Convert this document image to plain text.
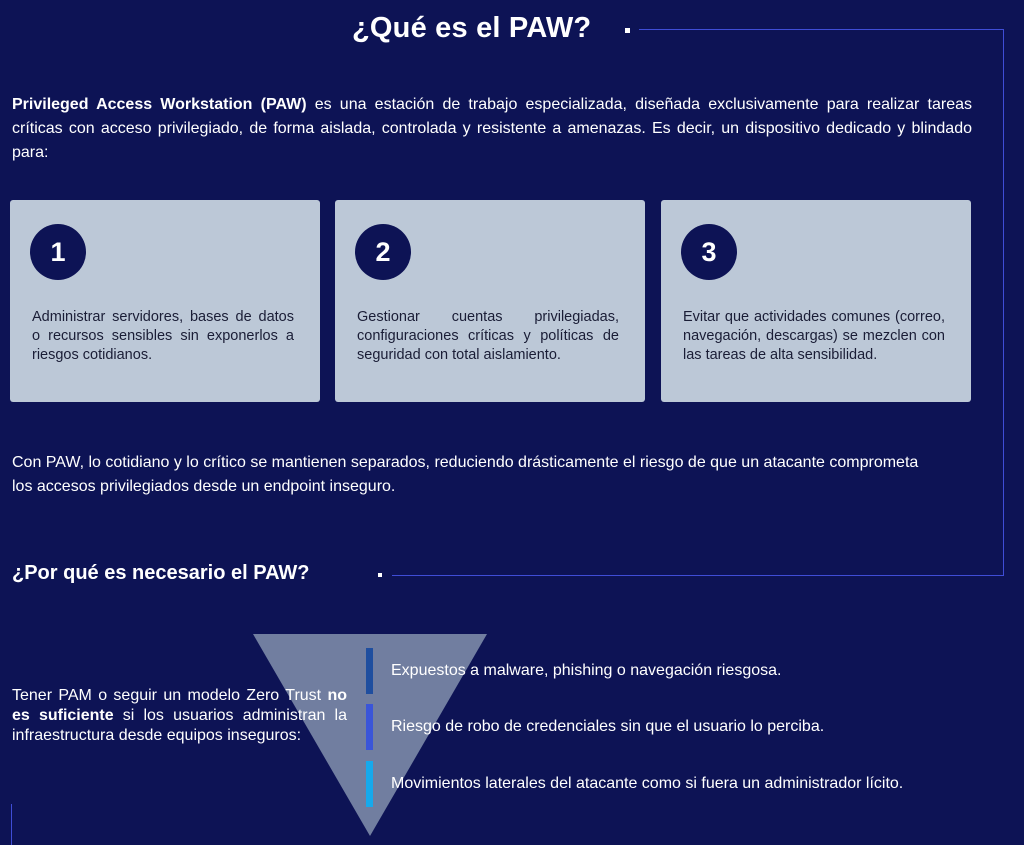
¿Qué es el PAW?

Privileged Access Workstation (PAW) es una estación de trabajo especializada, diseñada exclusivamente para realizar tareas críticas con acceso privilegiado, de forma aislada, controlada y resistente a amenazas. Es decir, un dispositivo dedicado y blindado para:

1

Administrar servidores, bases de datos o recursos sensibles sin exponerlos a riesgos cotidianos.

2

Gestionar cuentas privilegiadas, configuraciones críticas y políticas de seguridad con total aislamiento.

3

Evitar que actividades comunes (correo, navegación, descargas) se mezclen con las tareas de alta sensibilidad.

Con PAW, lo cotidiano y lo crítico se mantienen separados, reduciendo drásticamente el riesgo de que un atacante comprometa los accesos privilegiados desde un endpoint inseguro.

¿Por qué es necesario el PAW?

Tener PAM o seguir un modelo Zero Trust no es suficiente si los usuarios administran la infraestructura desde equipos inseguros:

Expuestos a malware, phishing o navegación riesgosa.

Riesgo de robo de credenciales sin que el usuario lo perciba.

Movimientos laterales del atacante como si fuera un administrador lícito.
